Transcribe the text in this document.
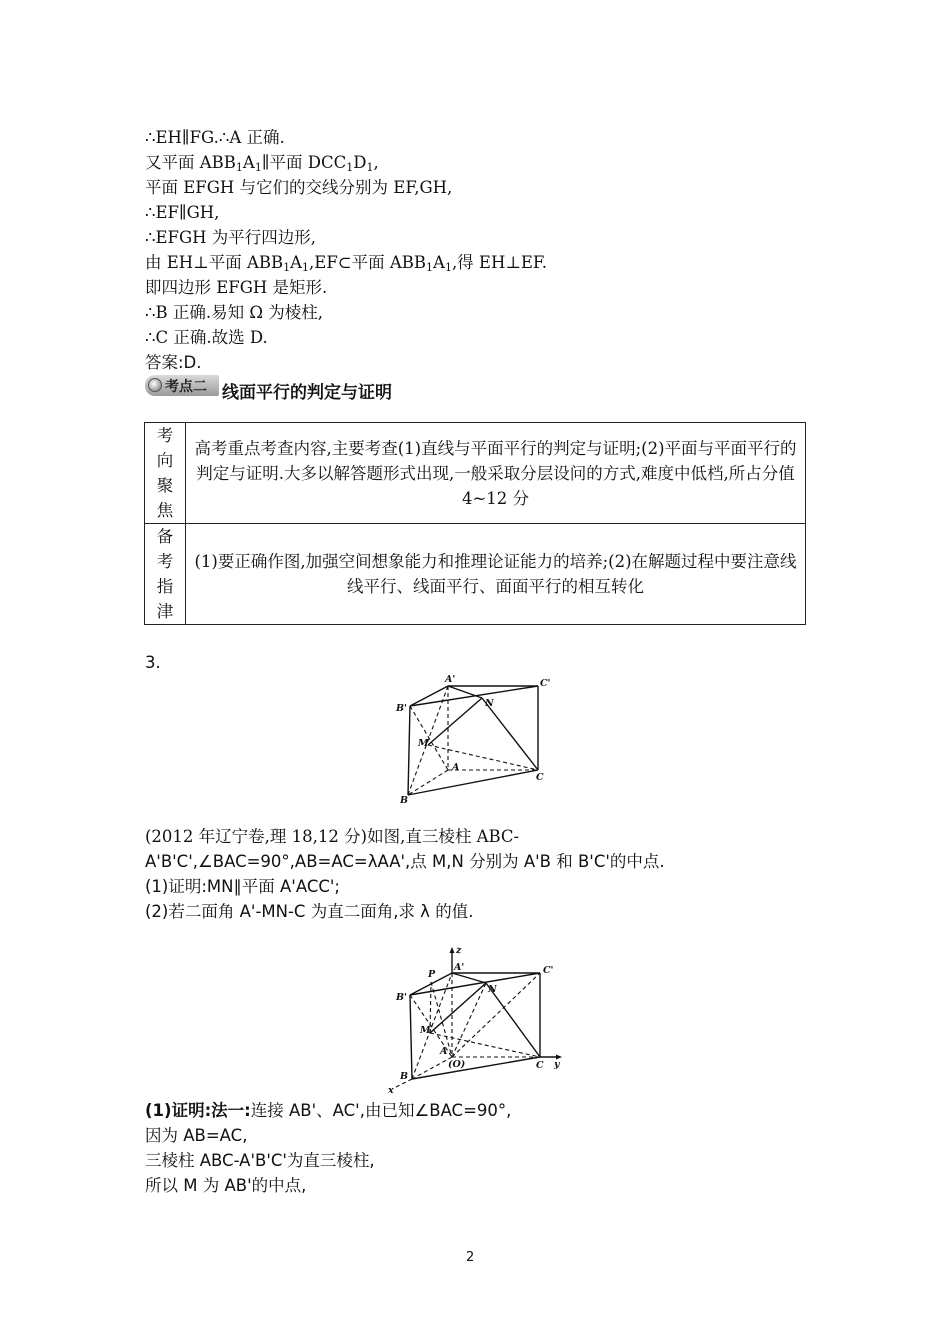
∴EH∥FG.∴A 正确.
又平面 $ABB_1A_1\parallel$平面 $DCC_1D_1$,
平面 EFGH 与它们的交线分别为 EF,GH,
∴EF∥GH,
∴EFGH 为平行四边形,
由 EH⊥平面 $ABB_1A_1,EF\subset$平面 $ABB_1A_1$,得 EH⊥EF.
即四边形 EFGH 是矩形.
∴B 正确.易知 Ω 为棱柱,
∴C 正确.故选 D.
答案:D.
考点二 线面平行的判定与证明
考
向
聚
焦	高考重点考查内容,主要考查(1)直线与平面平行的判定与证明;(2)平面与平面平行的判定与证明.大多以解答题形式出现,一般采取分层设问的方式,难度中低档,所占分值 4~12 分

备
考
指
津	(1)要正确作图,加强空间想象能力和推理论证能力的培养;(2)在解题过程中要注意线线平行、线面平行、面面平行的相互转化
3.
A'	C'
B'	N
M
A
C
B
(2012 年辽宁卷,理 18,12 分)如图,直三棱柱 ABC-
A'B'C',∠BAC=90°,AB=AC=λAA',点 M,N 分别为 A'B 和 B'C'的中点.
(1)证明:MN∥平面 A'ACC';
(2)若二面角 A'-MN-C 为直二面角,求 λ 的值.
z
P
A'	C'
B'
N
M
A
(O)	C y
B
x
(1)证明:法一:连接 AB'、AC',由已知∠BAC=90°,
因为 AB=AC,
三棱柱 ABC-A'B'C'为直三棱柱,
所以 M 为 AB'的中点,
2
